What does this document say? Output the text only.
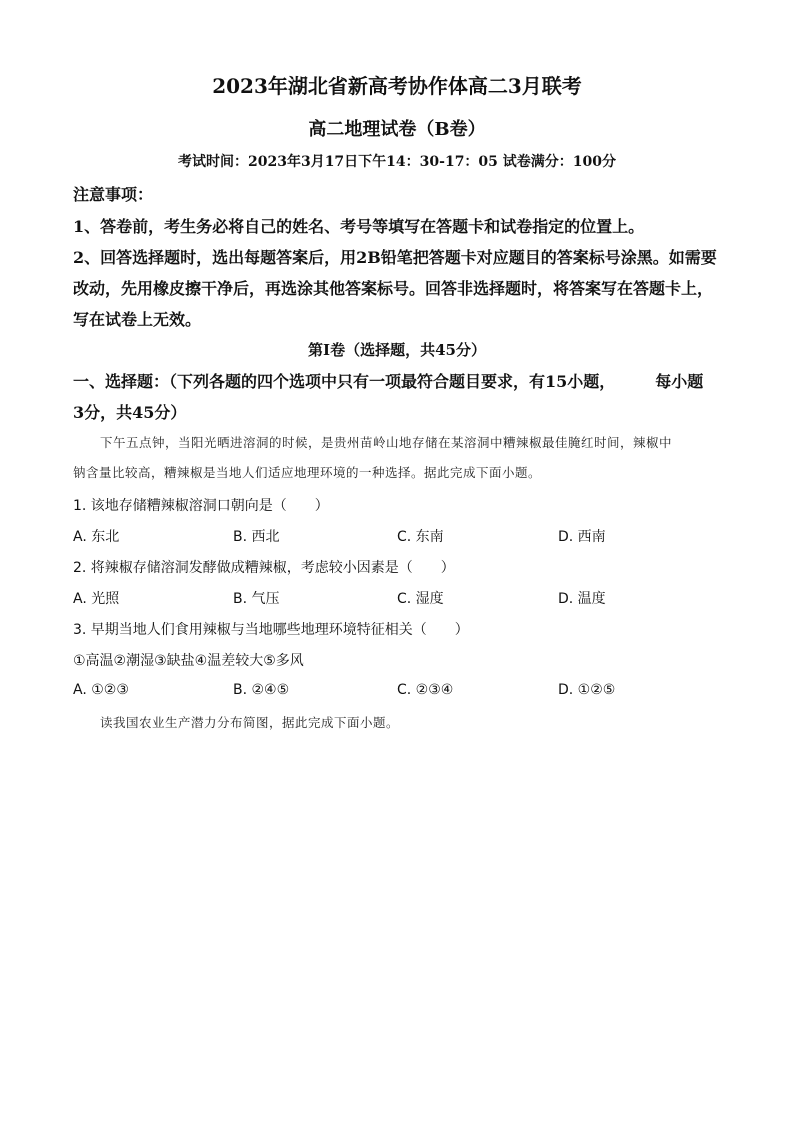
2023年湖北省新高考协作体高二3月联考
高二地理试卷（B卷）
考试时间：2023年3月17日下午14：30-17：05 试卷满分：100分
注意事项：
1、答卷前，考生务必将自己的姓名、考号等填写在答题卡和试卷指定的位置上。
2、回答选择题时，选出每题答案后，用2B铅笔把答题卡对应题目的答案标号涂黑。如需要
改动，先用橡皮擦干净后，再选涂其他答案标号。回答非选择题时，将答案写在答题卡上，
写在试卷上无效。
第Ⅰ卷（选择题，共45分）
一、选择题：（下列各题的四个选项中只有一项最符合题目要求，有15小题，　　　每小题
3分，共45分）
下午五点钟，当阳光晒进溶洞的时候，是贵州苗岭山地存储在某溶洞中糟辣椒最佳腌红时间，辣椒中
钠含量比较高，糟辣椒是当地人们适应地理环境的一种选择。据此完成下面小题。
1. 该地存储糟辣椒溶洞口朝向是（　　）
A. 东北	B. 西北	C. 东南	D. 西南
2. 将辣椒存储溶洞发酵做成糟辣椒，考虑较小因素是（　　）
A. 光照	B. 气压	C. 湿度	D. 温度
3. 早期当地人们食用辣椒与当地哪些地理环境特征相关（　　）
①高温②潮湿③缺盐④温差较大⑤多风
A. ①②③	B. ②④⑤	C. ②③④	D. ①②⑤
读我国农业生产潜力分布简图，据此完成下面小题。
